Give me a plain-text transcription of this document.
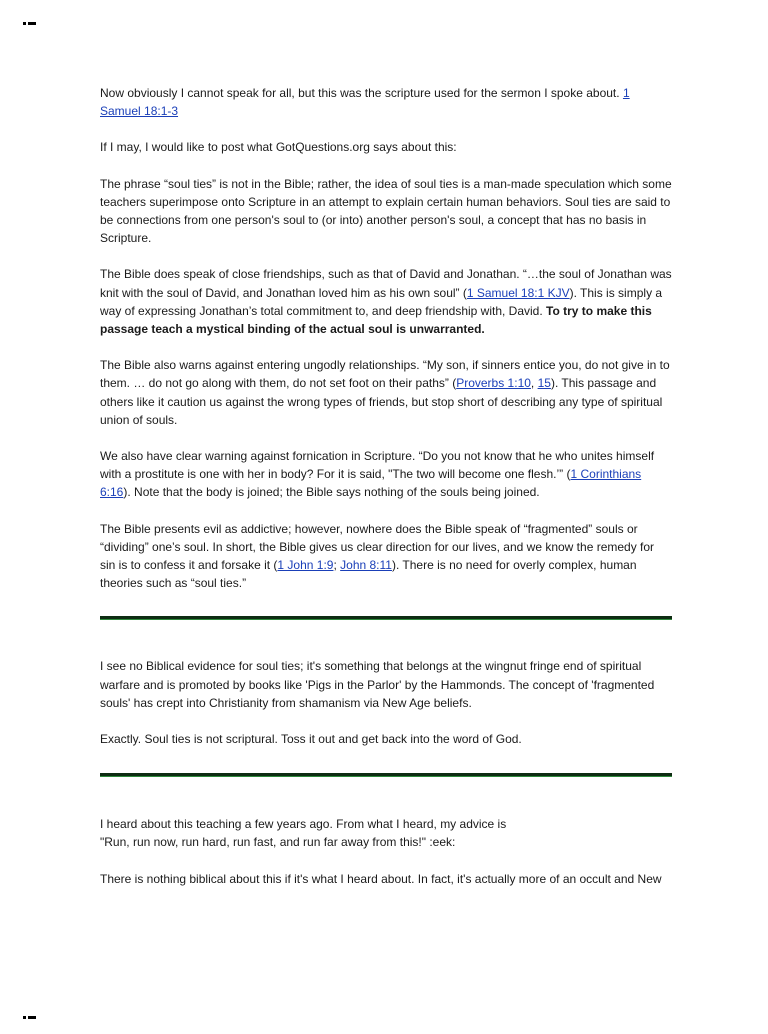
Now obviously I cannot speak for all, but this was the scripture used for the sermon I spoke about. 1 Samuel 18:1-3

If I may, I would like to post what GotQuestions.org says about this:

The phrase “soul ties” is not in the Bible; rather, the idea of soul ties is a man-made speculation which some teachers superimpose onto Scripture in an attempt to explain certain human behaviors. Soul ties are said to be connections from one person's soul to (or into) another person's soul, a concept that has no basis in Scripture.

The Bible does speak of close friendships, such as that of David and Jonathan. “…the soul of Jonathan was knit with the soul of David, and Jonathan loved him as his own soul” (1 Samuel 18:1 KJV). This is simply a way of expressing Jonathan’s total commitment to, and deep friendship with, David. To try to make this passage teach a mystical binding of the actual soul is unwarranted.

The Bible also warns against entering ungodly relationships. “My son, if sinners entice you, do not give in to them. … do not go along with them, do not set foot on their paths” (Proverbs 1:10, 15). This passage and others like it caution us against the wrong types of friends, but stop short of describing any type of spiritual union of souls.

We also have clear warning against fornication in Scripture. “Do you not know that he who unites himself with a prostitute is one with her in body? For it is said, "The two will become one flesh.’” (1 Corinthians 6:16). Note that the body is joined; the Bible says nothing of the souls being joined.

The Bible presents evil as addictive; however, nowhere does the Bible speak of “fragmented” souls or “dividing” one’s soul. In short, the Bible gives us clear direction for our lives, and we know the remedy for sin is to confess it and forsake it (1 John 1:9; John 8:11). There is no need for overly complex, human theories such as “soul ties.”

I see no Biblical evidence for soul ties; it's something that belongs at the wingnut fringe end of spiritual warfare and is promoted by books like 'Pigs in the Parlor' by the Hammonds. The concept of 'fragmented souls' has crept into Christianity from shamanism via New Age beliefs.

Exactly. Soul ties is not scriptural. Toss it out and get back into the word of God.

I heard about this teaching a few years ago. From what I heard, my advice is
"Run, run now, run hard, run fast, and run far away from this!" :eek:

There is nothing biblical about this if it's what I heard about. In fact, it's actually more of an occult and New
